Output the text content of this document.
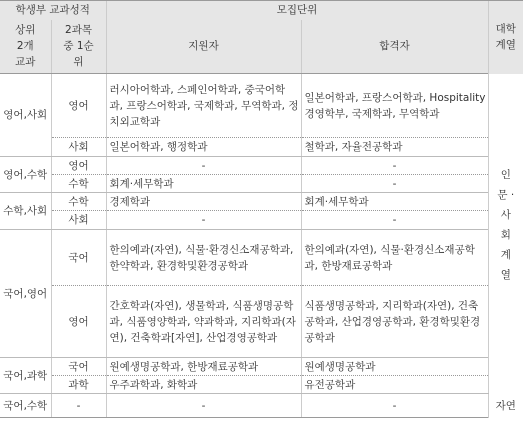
학생부 교과성적		모집단위		대학 계열

상위 2개 교과	2과목 중 1순위	지원자	합격자	
영어,사회	영어	러시아어학과, 스페인어학과, 중국어학과, 프랑스어학과, 국제학과, 무역학과, 정치외교학과	일본어학과, 프랑스어학과, Hospitality경영학부, 국제학과, 무역학과	인문 · 사회 계열

	사회	일본어학과, 행정학과	철학과, 자율전공학과	
영어,수학	영어	-	-	
	수학	회계·세무학과	-	
수학,사회	수학	경제학과	회계·세무학과	
	사회	-	-	
국어,영어	국어	한의예과(자연), 식물·환경신소재공학과, 한약학과, 환경학및환경공학과	한의예과(자연), 식물·환경신소재공학과, 한방재료공학과	
	영어	간호학과(자연), 생물학과, 식품생명공학과, 식품영양학과, 약과학과, 지리학과(자연), 건축학과[자연], 산업경영공학과	식품생명공학과, 지리학과(자연), 건축공학과, 산업경영공학과, 환경학및환경공학과	
국어,과학	국어	원예생명공학과, 한방재료공학과	원예생명공학과	
	과학	우주과학과, 화학과	유전공학과	자연
국어,수학	-	-	-	
